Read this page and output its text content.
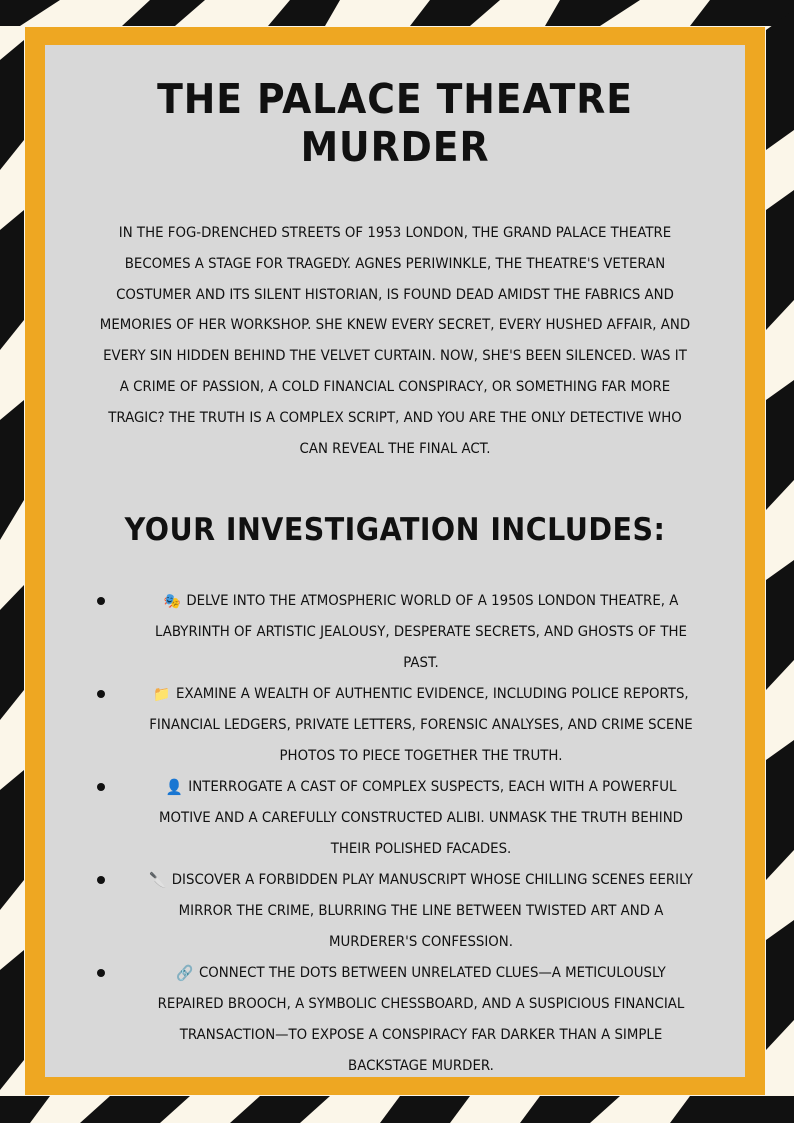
THE PALACE THEATRE MURDER

IN THE FOG-DRENCHED STREETS OF 1953 LONDON, THE GRAND PALACE THEATRE BECOMES A STAGE FOR TRAGEDY. AGNES PERIWINKLE, THE THEATRE'S VETERAN COSTUMER AND ITS SILENT HISTORIAN, IS FOUND DEAD AMIDST THE FABRICS AND MEMORIES OF HER WORKSHOP. SHE KNEW EVERY SECRET, EVERY HUSHED AFFAIR, AND EVERY SIN HIDDEN BEHIND THE VELVET CURTAIN. NOW, SHE'S BEEN SILENCED. WAS IT A CRIME OF PASSION, A COLD FINANCIAL CONSPIRACY, OR SOMETHING FAR MORE TRAGIC? THE TRUTH IS A COMPLEX SCRIPT, AND YOU ARE THE ONLY DETECTIVE WHO CAN REVEAL THE FINAL ACT.

YOUR INVESTIGATION INCLUDES:
🎭 DELVE INTO THE ATMOSPHERIC WORLD OF A 1950S LONDON THEATRE, A LABYRINTH OF ARTISTIC JEALOUSY, DESPERATE SECRETS, AND GHOSTS OF THE PAST.
📁 EXAMINE A WEALTH OF AUTHENTIC EVIDENCE, INCLUDING POLICE REPORTS, FINANCIAL LEDGERS, PRIVATE LETTERS, FORENSIC ANALYSES, AND CRIME SCENE PHOTOS TO PIECE TOGETHER THE TRUTH.
👤 INTERROGATE A CAST OF COMPLEX SUSPECTS, EACH WITH A POWERFUL MOTIVE AND A CAREFULLY CONSTRUCTED ALIBI. UNMASK THE TRUTH BEHIND THEIR POLISHED FACADES.
🔪 DISCOVER A FORBIDDEN PLAY MANUSCRIPT WHOSE CHILLING SCENES EERILY MIRROR THE CRIME, BLURRING THE LINE BETWEEN TWISTED ART AND A MURDERER'S CONFESSION.
🔗 CONNECT THE DOTS BETWEEN UNRELATED CLUES—A METICULOUSLY REPAIRED BROOCH, A SYMBOLIC CHESSBOARD, AND A SUSPICIOUS FINANCIAL TRANSACTION—TO EXPOSE A CONSPIRACY FAR DARKER THAN A SIMPLE BACKSTAGE MURDER.
